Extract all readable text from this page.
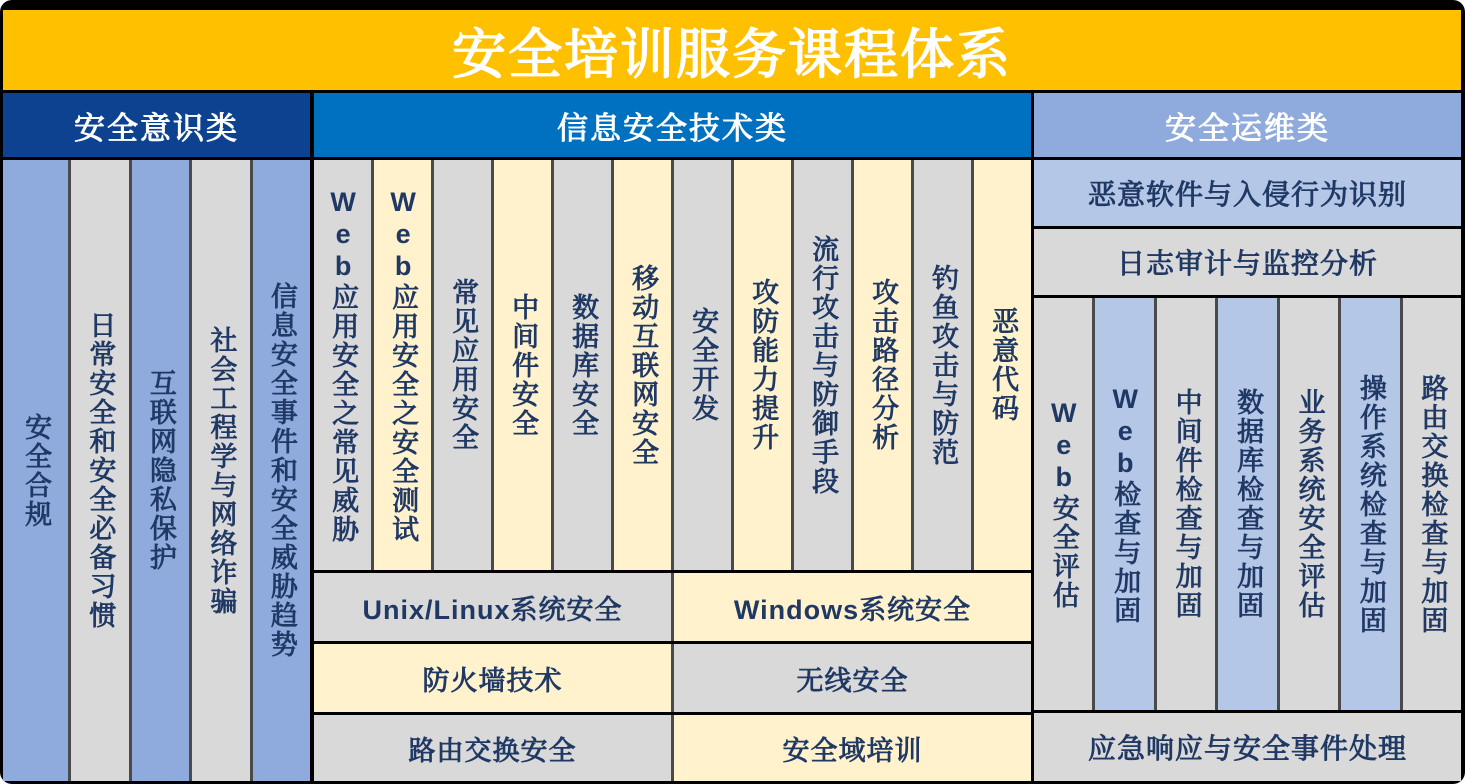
安全培训服务课程体系
安全意识类	信息安全技术类	安全运维类
安全合规	日常安全和安全必备习惯	互联网隐私保护	社会工程学与网络诈骗	信息安全事件和安全威胁趋势	Web应用安全之常见威胁	Web应用安全之安全测试	常见应用安全	中间件安全	数据库安全	移动互联网安全	安全开发	攻防能力提升	流行攻击与防御手段	攻击路径分析	钓鱼攻击与防范	恶意代码
Unix/Linux系统安全	Windows系统安全
防火墙技术	无线安全
路由交换安全	安全域培训
恶意软件与入侵行为识别
日志审计与监控分析
Web安全评估	Web检查与加固	中间件检查与加固	数据库检查与加固	业务系统安全评估	操作系统检查与加固	路由交换检查与加固
应急响应与安全事件处理
